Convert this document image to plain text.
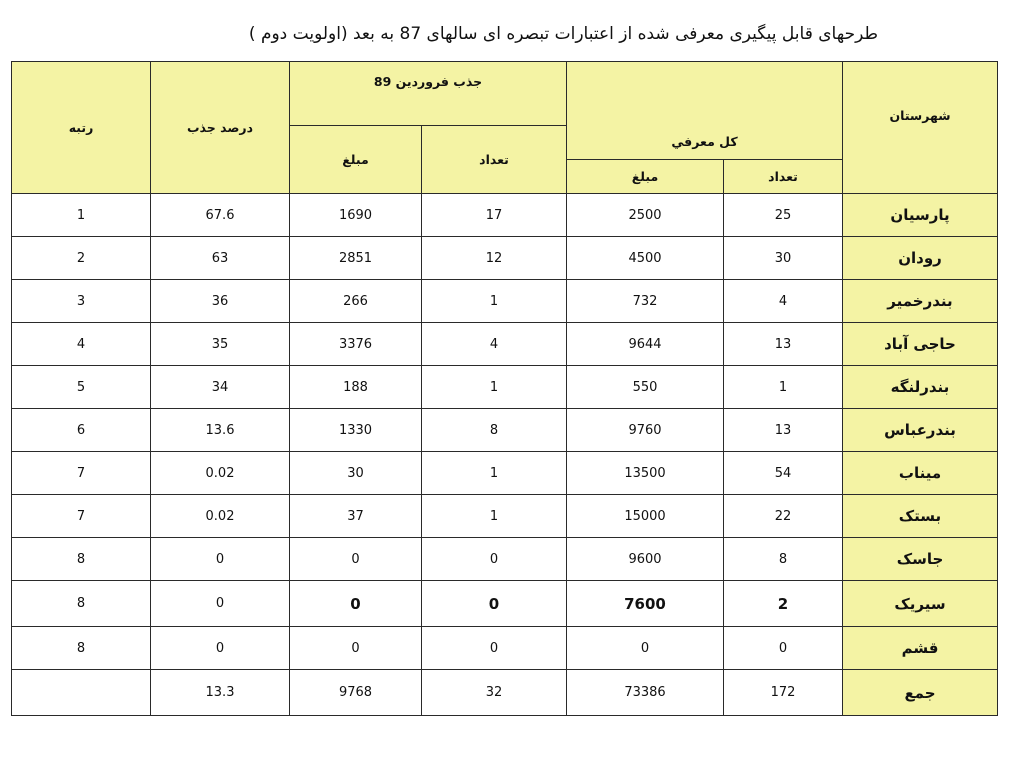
طرحهای قابل پیگیری معرفی شده از اعتبارات تبصره ای سالهای 87 به بعد (اولویت دوم )
رتبه	درصد جذب	جذب فروردین 89		کل معرفي		شهرستان
		مبلغ	تعداد			
				مبلغ	تعداد	
1	67.6	1690	17	2500	25	پارسیان
2	63	2851	12	4500	30	رودان
3	36	266	1	732	4	بندرخمیر
4	35	3376	4	9644	13	حاجی آباد
5	34	188	1	550	1	بندرلنگه
6	13.6	1330	8	9760	13	بندرعباس
7	0.02	30	1	13500	54	میناب
7	0.02	37	1	15000	22	بستک
8	0	0	0	9600	8	جاسک
8	0	0	0	7600	2	سیریک
8	0	0	0	0	0	قشم
	13.3	9768	32	73386	172	جمع
